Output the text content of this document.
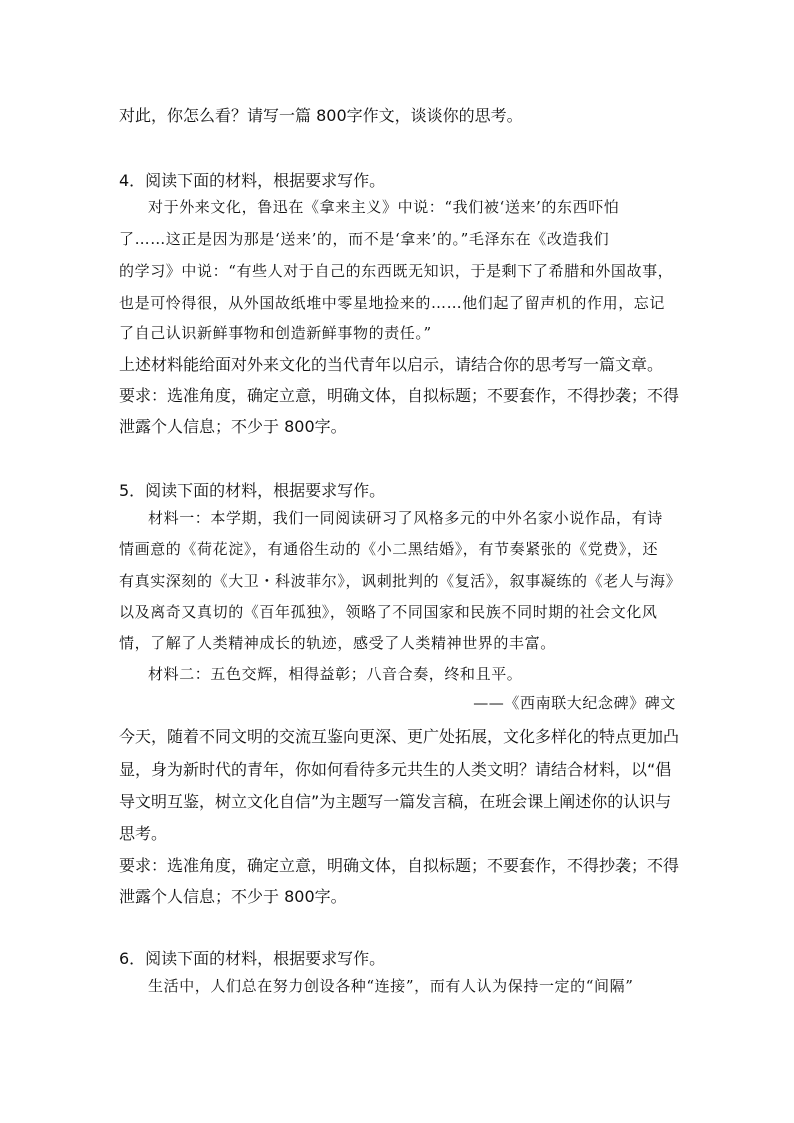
对此，你怎么看？请写一篇 800字作文，谈谈你的思考。
4．阅读下面的材料，根据要求写作。
对于外来文化，鲁迅在《拿来主义》中说：“我们被‘送来’的东西吓怕
了……这正是因为那是‘送来’的，而不是‘拿来’的。”毛泽东在《改造我们
的学习》中说：“有些人对于自己的东西既无知识，于是剩下了希腊和外国故事，
也是可怜得很，从外国故纸堆中零星地捡来的……他们起了留声机的作用，忘记
了自己认识新鲜事物和创造新鲜事物的责任。”
上述材料能给面对外来文化的当代青年以启示，请结合你的思考写一篇文章。
要求：选准角度，确定立意，明确文体，自拟标题；不要套作，不得抄袭；不得
泄露个人信息；不少于 800字。
5．阅读下面的材料，根据要求写作。
材料一：本学期，我们一同阅读研习了风格多元的中外名家小说作品，有诗
情画意的《荷花淀》，有通俗生动的《小二黑结婚》，有节奏紧张的《党费》，还
有真实深刻的《大卫・科波菲尔》，讽刺批判的《复活》，叙事凝练的《老人与海》
以及离奇又真切的《百年孤独》，领略了不同国家和民族不同时期的社会文化风
情，了解了人类精神成长的轨迹，感受了人类精神世界的丰富。
材料二：五色交辉，相得益彰；八音合奏，终和且平。
——《西南联大纪念碑》碑文
今天，随着不同文明的交流互鉴向更深、更广处拓展，文化多样化的特点更加凸
显，身为新时代的青年，你如何看待多元共生的人类文明？请结合材料，以“倡
导文明互鉴，树立文化自信”为主题写一篇发言稿，在班会课上阐述你的认识与
思考。
要求：选准角度，确定立意，明确文体，自拟标题；不要套作，不得抄袭；不得
泄露个人信息；不少于 800字。
6．阅读下面的材料，根据要求写作。
生活中，人们总在努力创设各种“连接”，而有人认为保持一定的“间隔”
